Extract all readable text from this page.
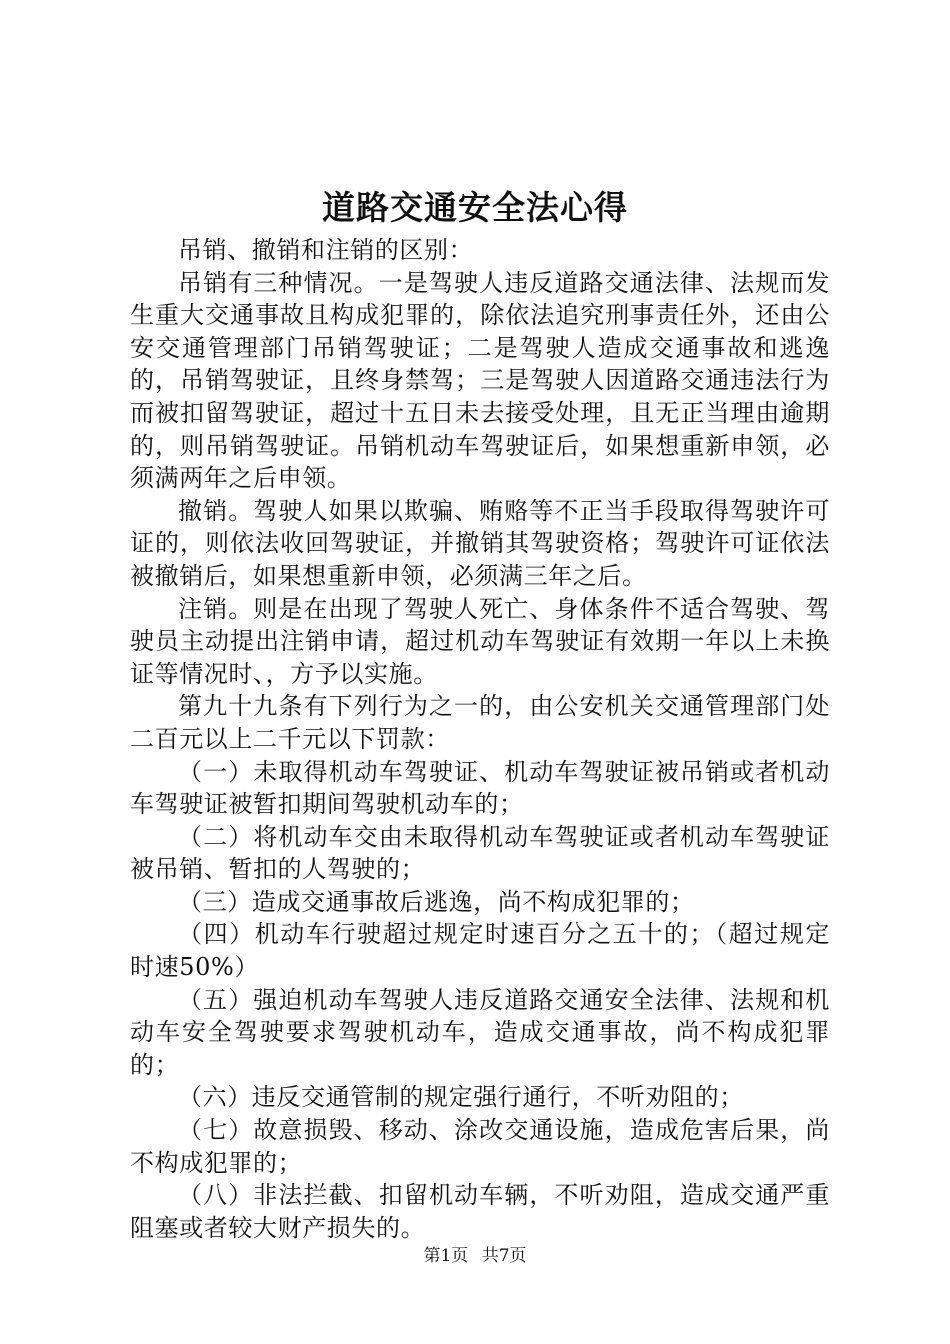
道路交通安全法心得

吊销、撤销和注销的区别：

吊销有三种情况。一是驾驶人违反道路交通法律、法规而发生重大交通事故且构成犯罪的，除依法追究刑事责任外，还由公安交通管理部门吊销驾驶证；二是驾驶人造成交通事故和逃逸的，吊销驾驶证，且终身禁驾；三是驾驶人因道路交通违法行为而被扣留驾驶证，超过十五日未去接受处理，且无正当理由逾期的，则吊销驾驶证。吊销机动车驾驶证后，如果想重新申领，必须满两年之后申领。

撤销。驾驶人如果以欺骗、贿赂等不正当手段取得驾驶许可证的，则依法收回驾驶证，并撤销其驾驶资格；驾驶许可证依法被撤销后，如果想重新申领，必须满三年之后。

注销。则是在出现了驾驶人死亡、身体条件不适合驾驶、驾驶员主动提出注销申请，超过机动车驾驶证有效期一年以上未换证等情况时、，方予以实施。

第九十九条有下列行为之一的，由公安机关交通管理部门处二百元以上二千元以下罚款：

（一）未取得机动车驾驶证、机动车驾驶证被吊销或者机动车驾驶证被暂扣期间驾驶机动车的；

（二）将机动车交由未取得机动车驾驶证或者机动车驾驶证被吊销、暂扣的人驾驶的；

（三）造成交通事故后逃逸，尚不构成犯罪的；

（四）机动车行驶超过规定时速百分之五十的；（超过规定时速50%）

（五）强迫机动车驾驶人违反道路交通安全法律、法规和机动车安全驾驶要求驾驶机动车，造成交通事故，尚不构成犯罪的；

（六）违反交通管制的规定强行通行，不听劝阻的；

（七）故意损毁、移动、涂改交通设施，造成危害后果，尚不构成犯罪的；

（八）非法拦截、扣留机动车辆，不听劝阻，造成交通严重阻塞或者较大财产损失的。

第1页 共7页
